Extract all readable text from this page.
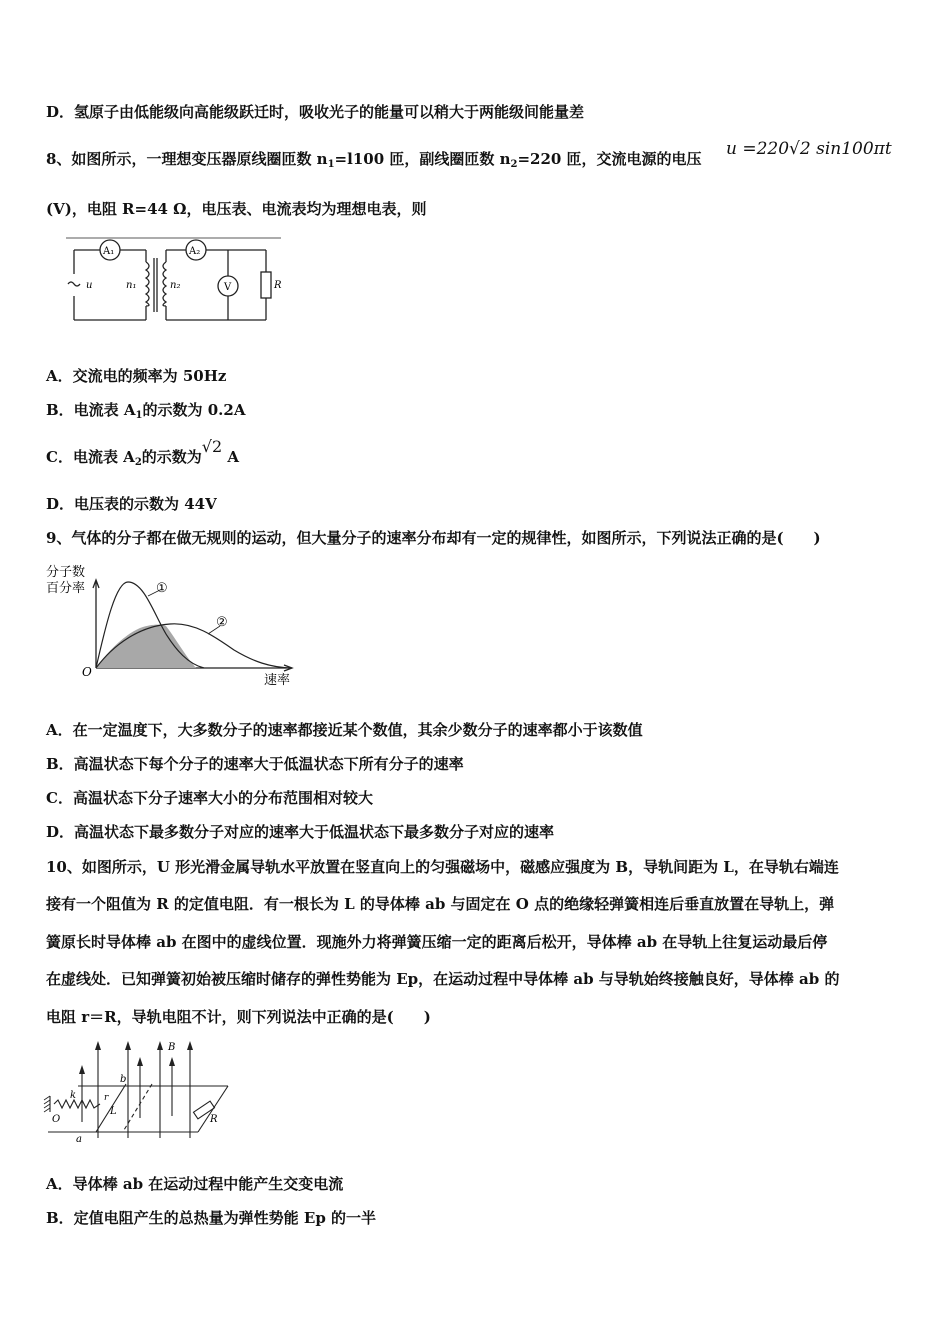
D．氢原子由低能级向高能级跃迁时，吸收光子的能量可以稍大于两能级间能量差
8、如图所示，一理想变压器原线圈匝数 $n_1=l100$ 匝，副线圈匝数 $n_2=220$ 匝，交流电源的电压 u =220√2 sin100πt
(V)，电阻 R=44 Ω，电压表、电流表均为理想电表，则
A₁	A₂
V
u	n₁	n₂	R
A．交流电的频率为 50Hz
B．电流表 $A_1$的示数为 0.2A
C．电流表 $A_2$的示数为√2 A
D．电压表的示数为 44V
9、气体的分子都在做无规则的运动，但大量分子的速率分布却有一定的规律性，如图所示，下列说法正确的是(　　)
分子数
百分率
O
速率
①
②
A．在一定温度下，大多数分子的速率都接近某个数值，其余少数分子的速率都小于该数值
B．高温状态下每个分子的速率大于低温状态下所有分子的速率
C．高温状态下分子速率大小的分布范围相对较大
D．高温状态下最多数分子对应的速率大于低温状态下最多数分子对应的速率
10、如图所示，U 形光滑金属导轨水平放置在竖直向上的匀强磁场中，磁感应强度为 B，导轨间距为 L，在导轨右端连
接有一个阻值为 R 的定值电阻．有一根长为 L 的导体棒 ab 与固定在 O 点的绝缘轻弹簧相连后垂直放置在导轨上，弹
簧原长时导体棒 ab 在图中的虚线位置．现施外力将弹簧压缩一定的距离后松开，导体棒 ab 在导轨上往复运动最后停
在虚线处．已知弹簧初始被压缩时储存的弹性势能为 Ep，在运动过程中导体棒 ab 与导轨始终接触良好，导体棒 ab 的
电阻 r＝R，导轨电阻不计，则下列说法中正确的是(　　)
B
b
k	r
L
O
a
R
A．导体棒 ab 在运动过程中能产生交变电流
B．定值电阻产生的总热量为弹性势能 Ep 的一半
